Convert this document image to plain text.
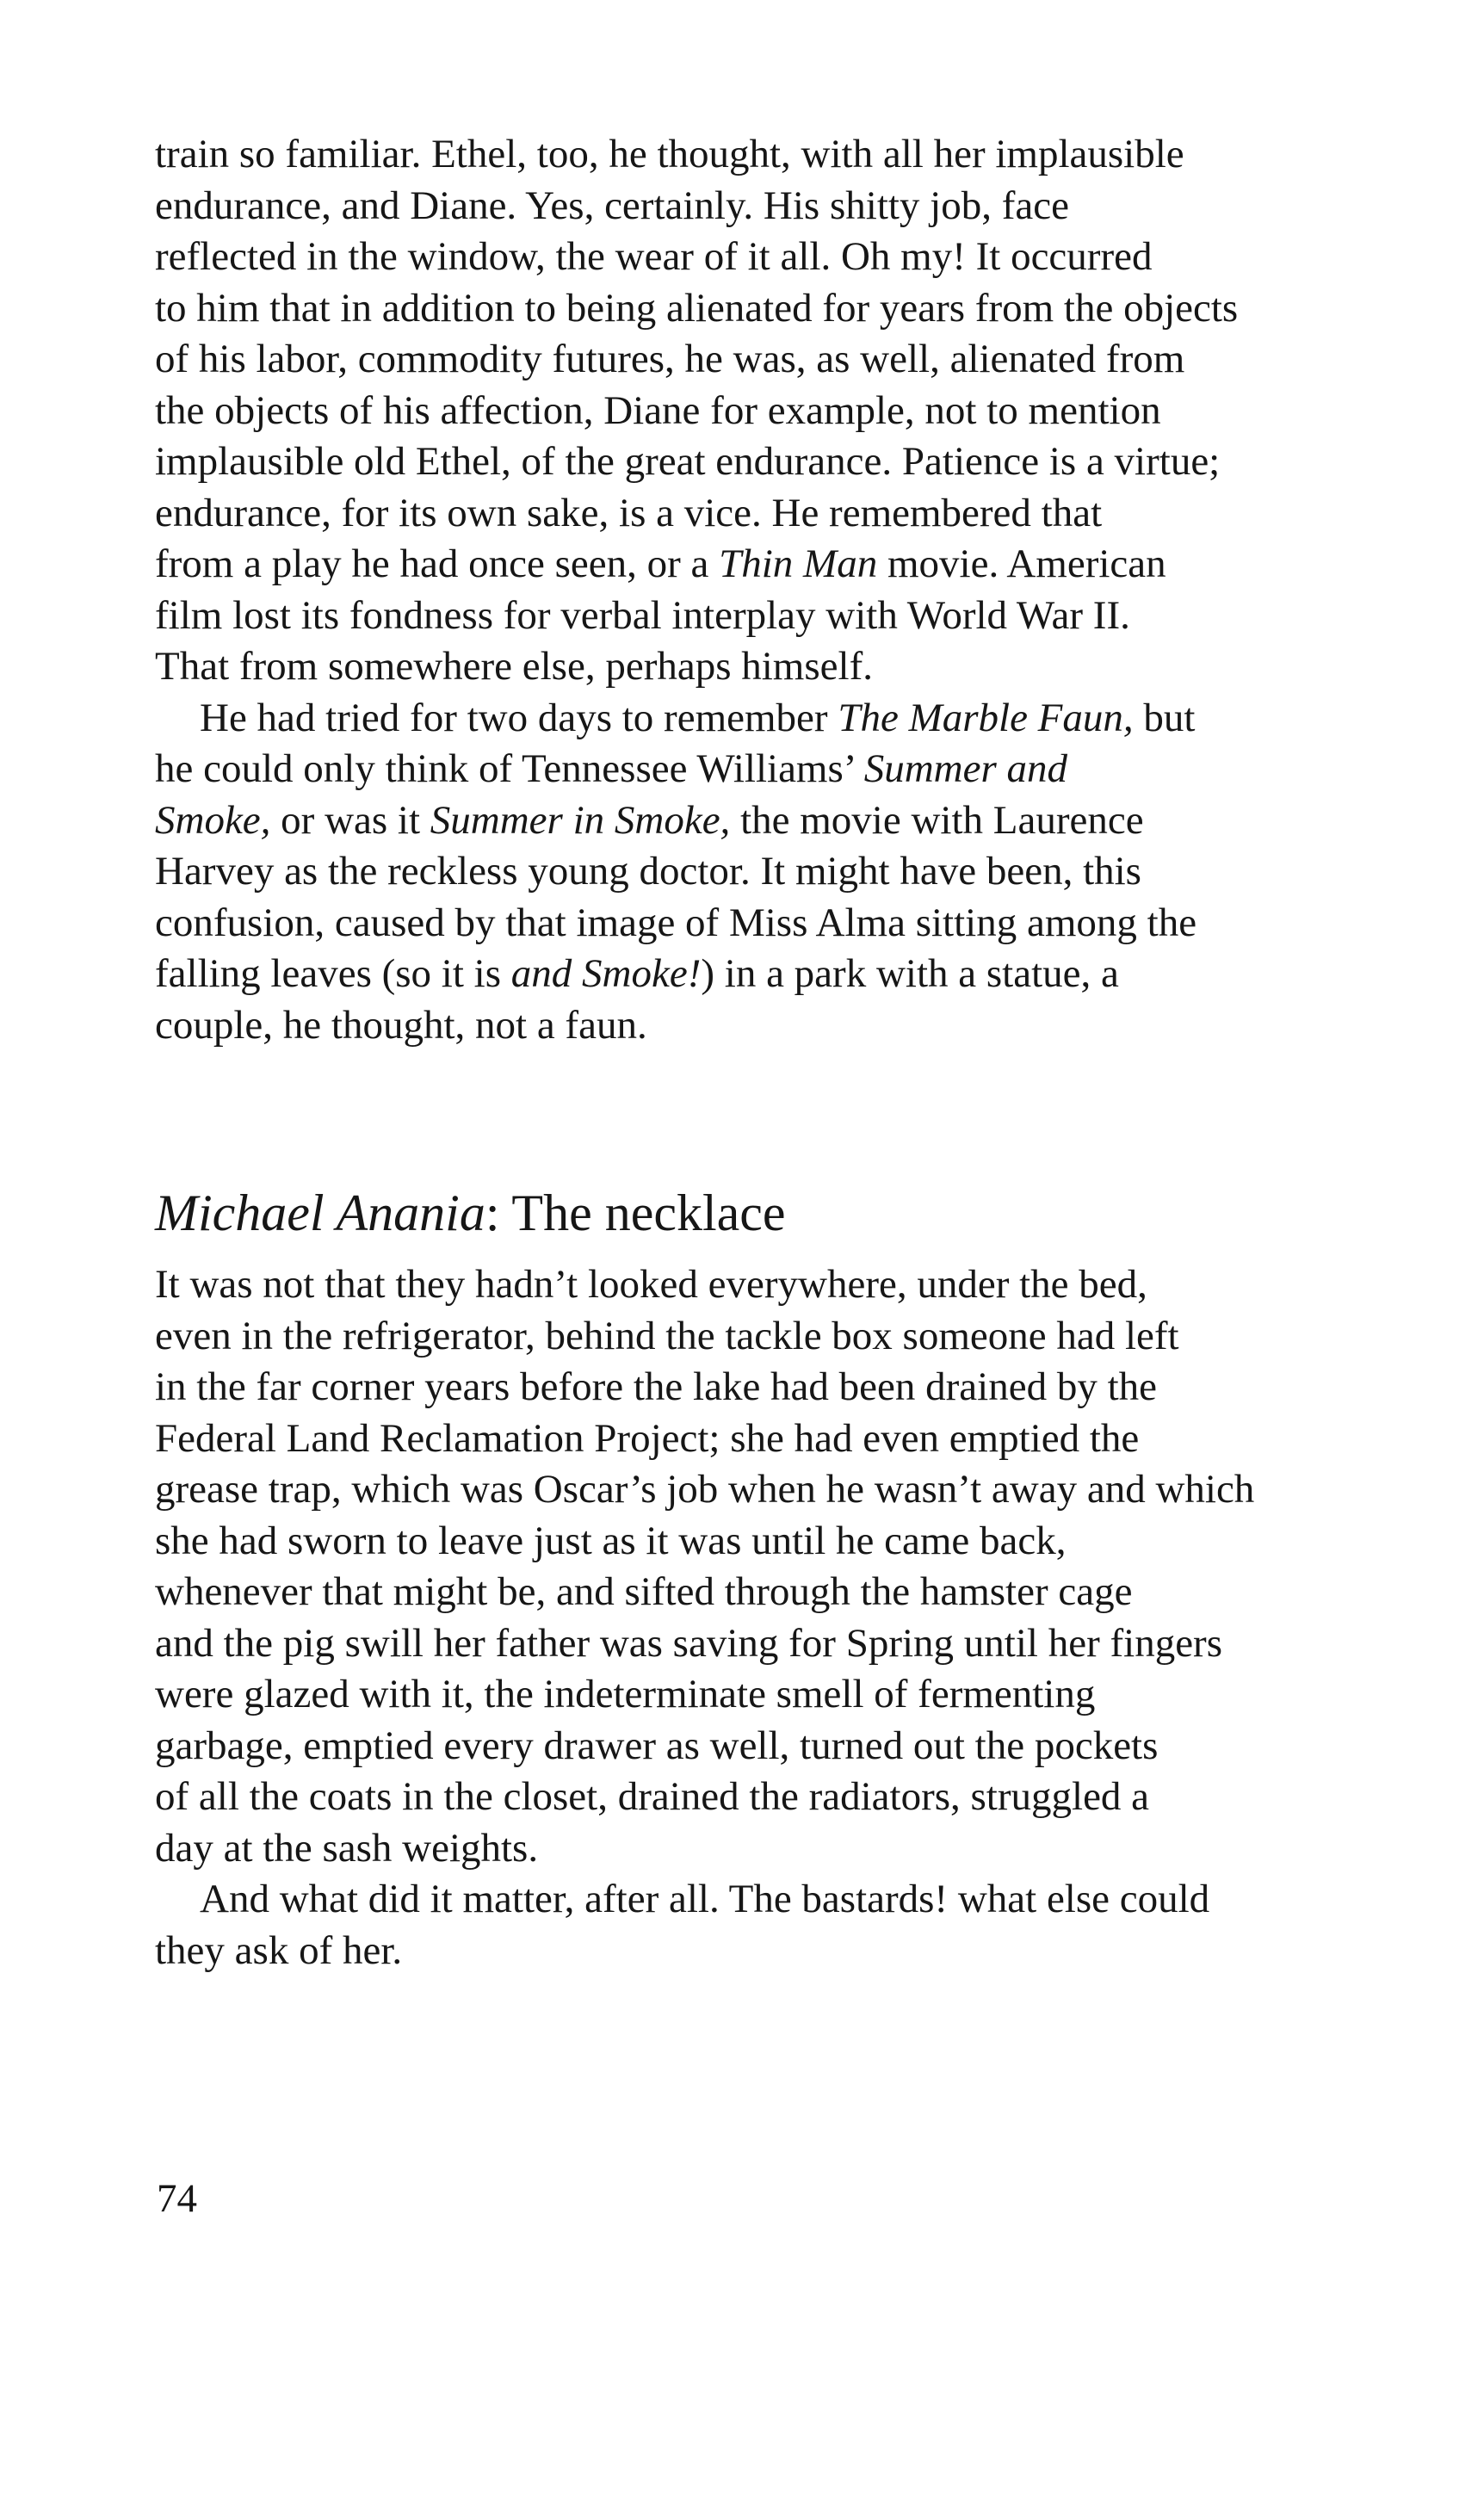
train so familiar. Ethel, too, he thought, with all her implausible
endurance, and Diane. Yes, certainly. His shitty job, face
reflected in the window, the wear of it all. Oh my! It occurred
to him that in addition to being alienated for years from the objects
of his labor, commodity futures, he was, as well, alienated from
the objects of his affection, Diane for example, not to mention
implausible old Ethel, of the great endurance. Patience is a virtue;
endurance, for its own sake, is a vice. He remembered that
from a play he had once seen, or a Thin Man movie. American
film lost its fondness for verbal interplay with World War II.
That from somewhere else, perhaps himself.
He had tried for two days to remember The Marble Faun, but
he could only think of Tennessee Williams’ Summer and
Smoke, or was it Summer in Smoke, the movie with Laurence
Harvey as the reckless young doctor. It might have been, this
confusion, caused by that image of Miss Alma sitting among the
falling leaves (so it is and Smoke!) in a park with a statue, a
couple, he thought, not a faun.
Michael Anania: The necklace
It was not that they hadn’t looked everywhere, under the bed,
even in the refrigerator, behind the tackle box someone had left
in the far corner years before the lake had been drained by the
Federal Land Reclamation Project; she had even emptied the
grease trap, which was Oscar’s job when he wasn’t away and which
she had sworn to leave just as it was until he came back,
whenever that might be, and sifted through the hamster cage
and the pig swill her father was saving for Spring until her fingers
were glazed with it, the indeterminate smell of fermenting
garbage, emptied every drawer as well, turned out the pockets
of all the coats in the closet, drained the radiators, struggled a
day at the sash weights.
And what did it matter, after all. The bastards! what else could
they ask of her.
74
